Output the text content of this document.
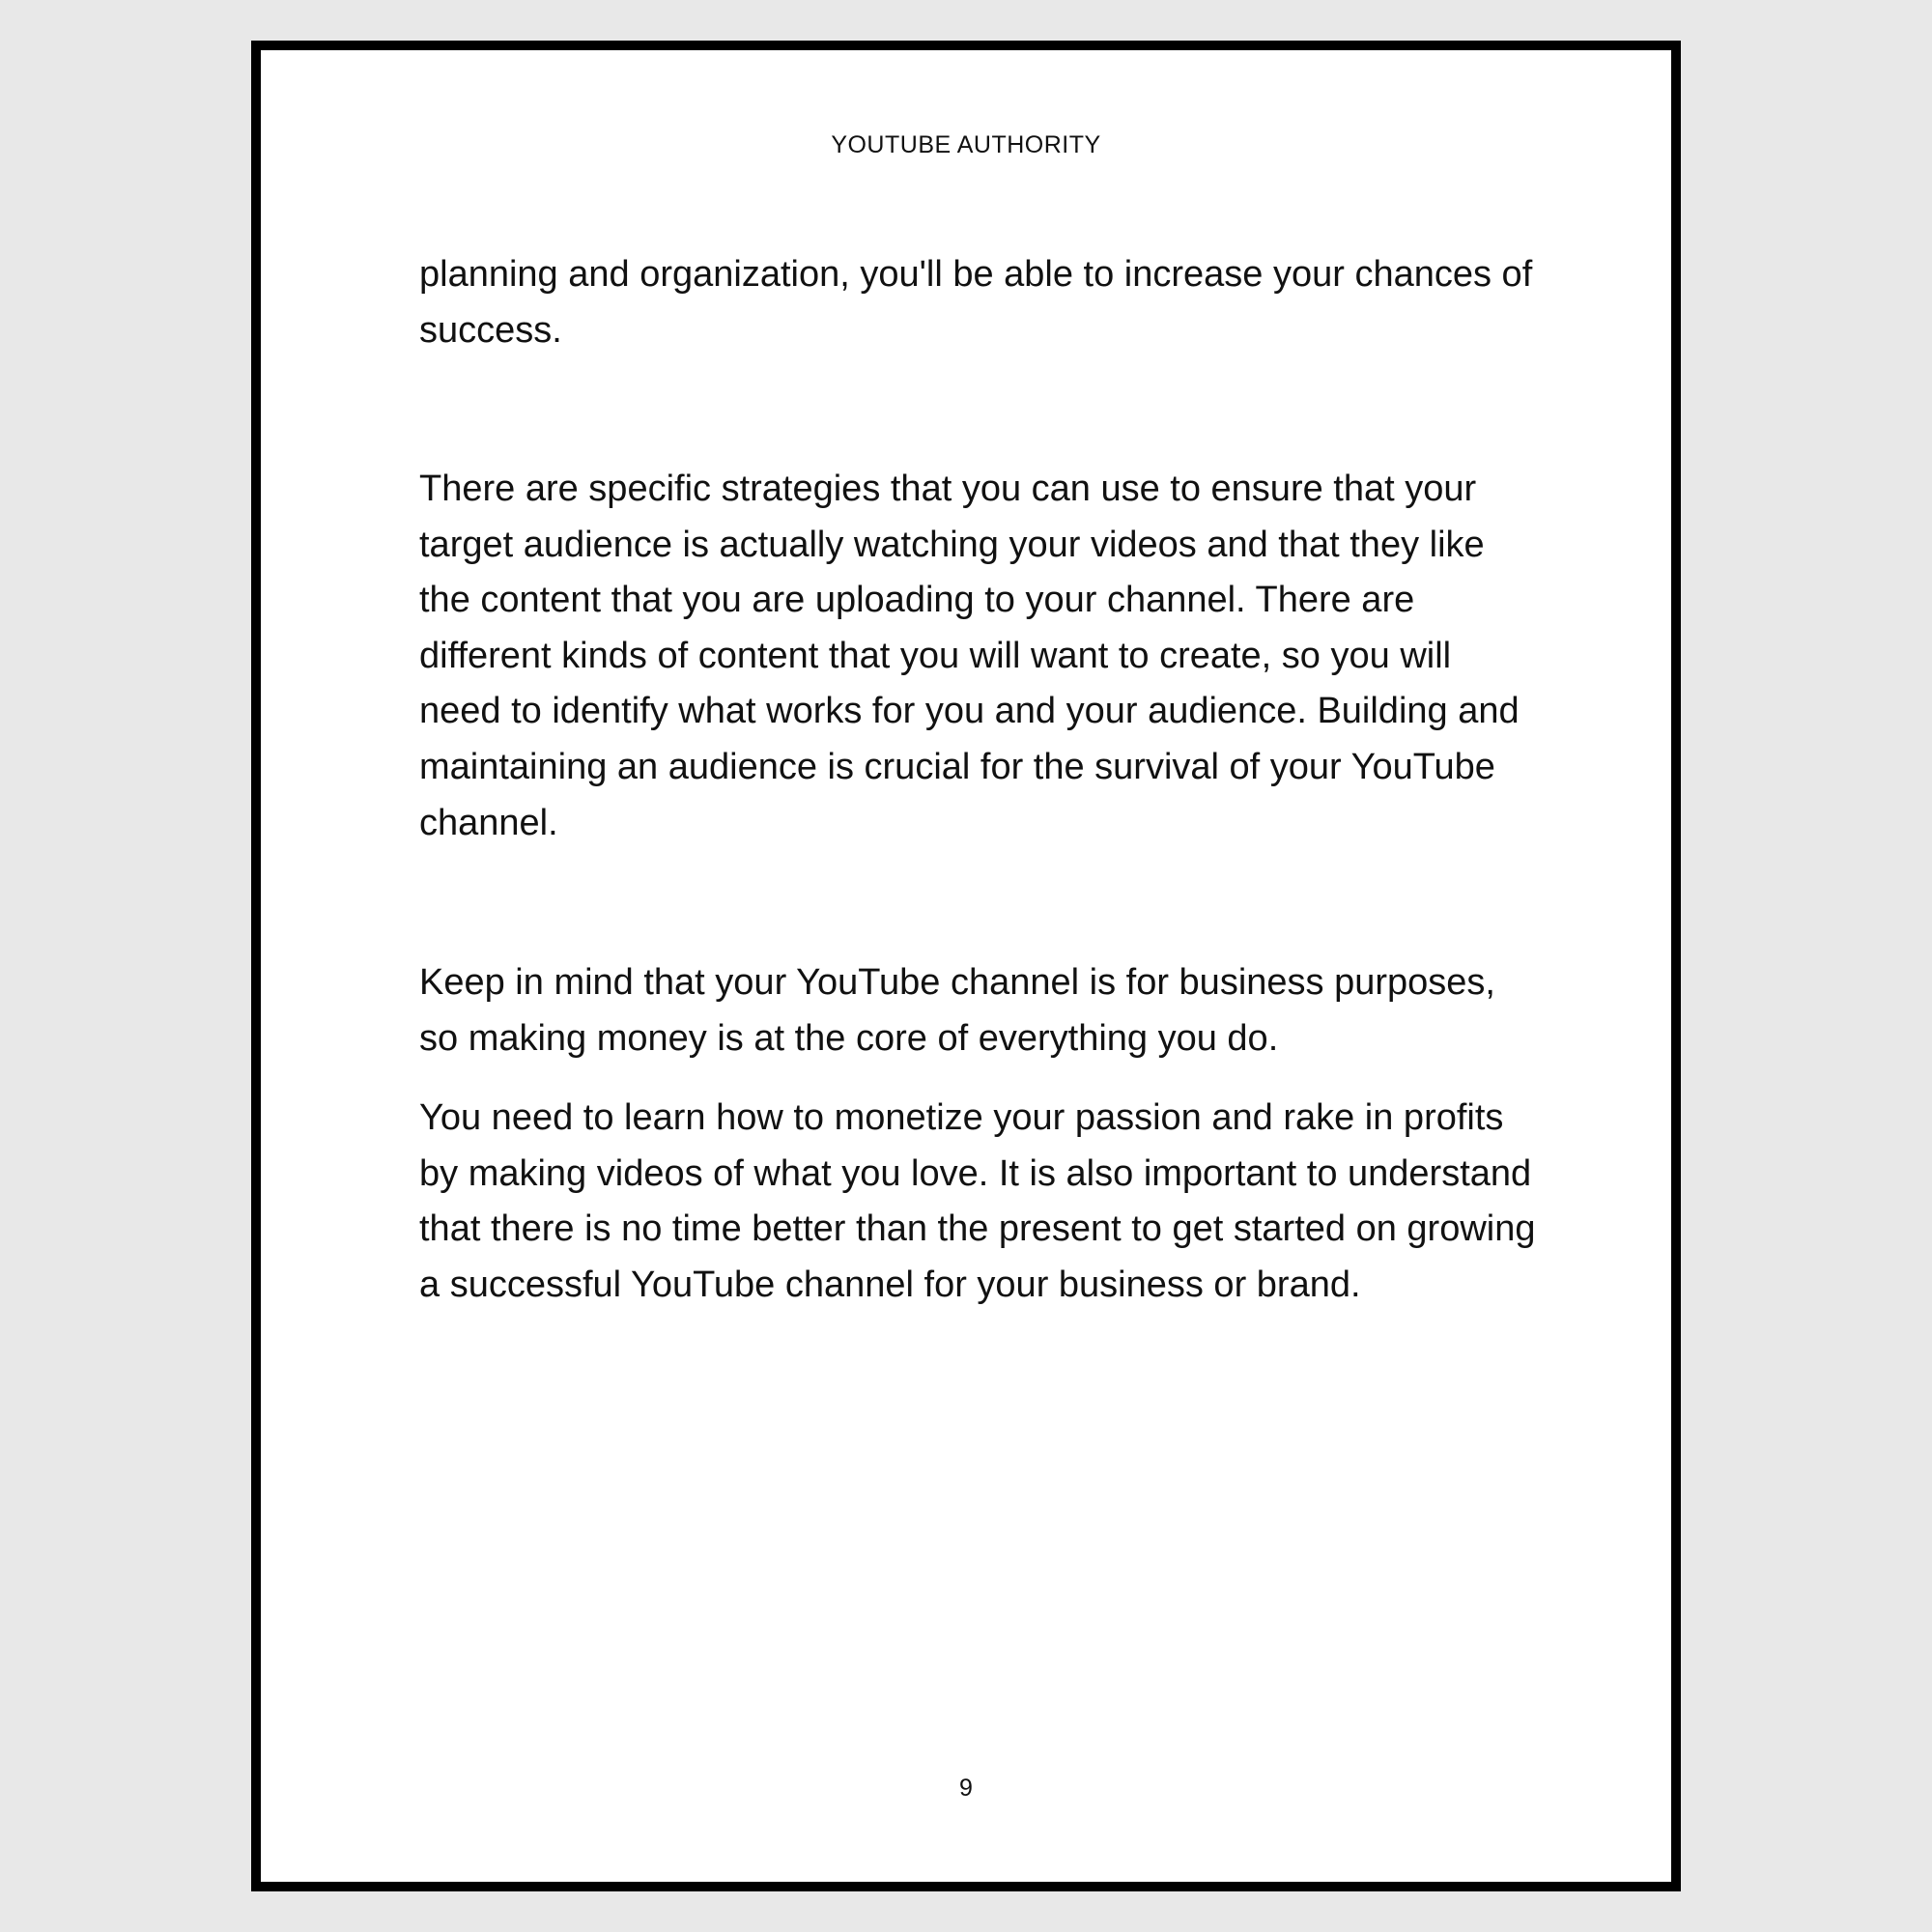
YOUTUBE AUTHORITY

planning and organization, you'll be able to increase your chances of success.

There are specific strategies that you can use to ensure that your target audience is actually watching your videos and that they like the content that you are uploading to your channel. There are different kinds of content that you will want to create, so you will need to identify what works for you and your audience. Building and maintaining an audience is crucial for the survival of your YouTube channel.

Keep in mind that your YouTube channel is for business purposes, so making money is at the core of everything you do.

You need to learn how to monetize your passion and rake in profits by making videos of what you love. It is also important to understand that there is no time better than the present to get started on growing a successful YouTube channel for your business or brand.

9
